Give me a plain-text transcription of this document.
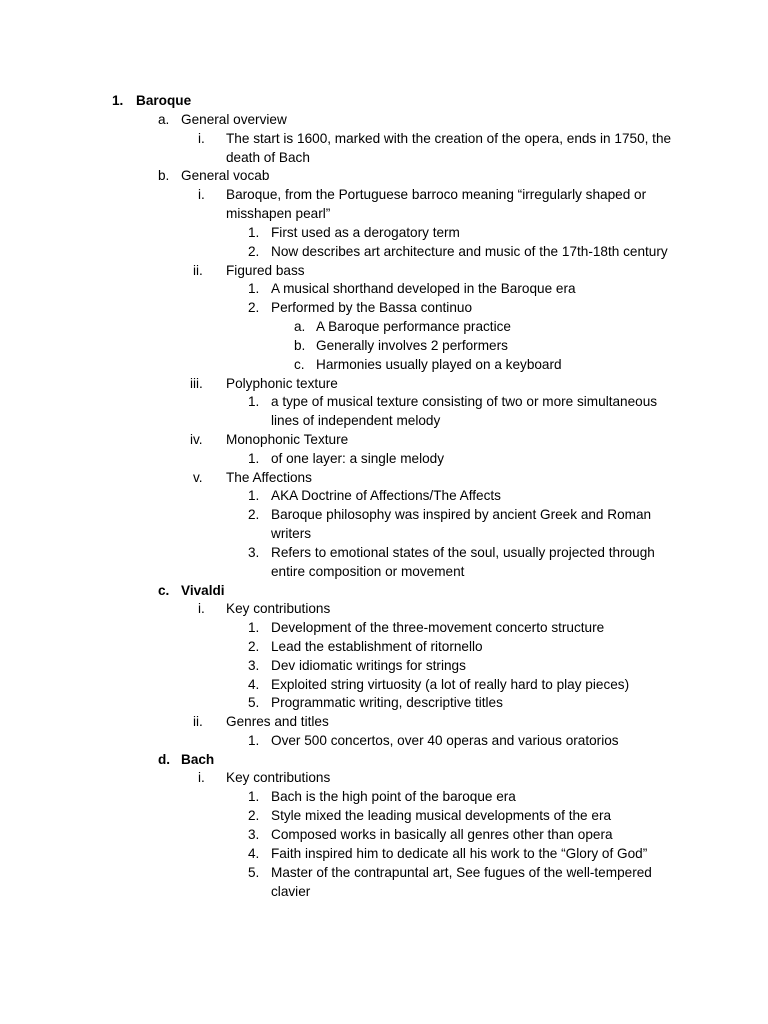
1. Baroque
a. General overview
i. The start is 1600, marked with the creation of the opera, ends in 1750, the
death of Bach
b. General vocab
i. Baroque, from the Portuguese barroco meaning “irregularly shaped or
misshapen pearl”
1. First used as a derogatory term
2. Now describes art architecture and music of the 17th-18th century
ii. Figured bass
1. A musical shorthand developed in the Baroque era
2. Performed by the Bassa continuo
a. A Baroque performance practice
b. Generally involves 2 performers
c. Harmonies usually played on a keyboard
iii. Polyphonic texture
1. a type of musical texture consisting of two or more simultaneous
lines of independent melody
iv. Monophonic Texture
1. of one layer: a single melody
v. The Affections
1. AKA Doctrine of Affections/The Affects
2. Baroque philosophy was inspired by ancient Greek and Roman
writers
3. Refers to emotional states of the soul, usually projected through
entire composition or movement
c. Vivaldi
i. Key contributions
1. Development of the three-movement concerto structure
2. Lead the establishment of ritornello
3. Dev idiomatic writings for strings
4. Exploited string virtuosity (a lot of really hard to play pieces)
5. Programmatic writing, descriptive titles
ii. Genres and titles
1. Over 500 concertos, over 40 operas and various oratorios
d. Bach
i. Key contributions
1. Bach is the high point of the baroque era
2. Style mixed the leading musical developments of the era
3. Composed works in basically all genres other than opera
4. Faith inspired him to dedicate all his work to the “Glory of God”
5. Master of the contrapuntal art, See fugues of the well-tempered
clavier
